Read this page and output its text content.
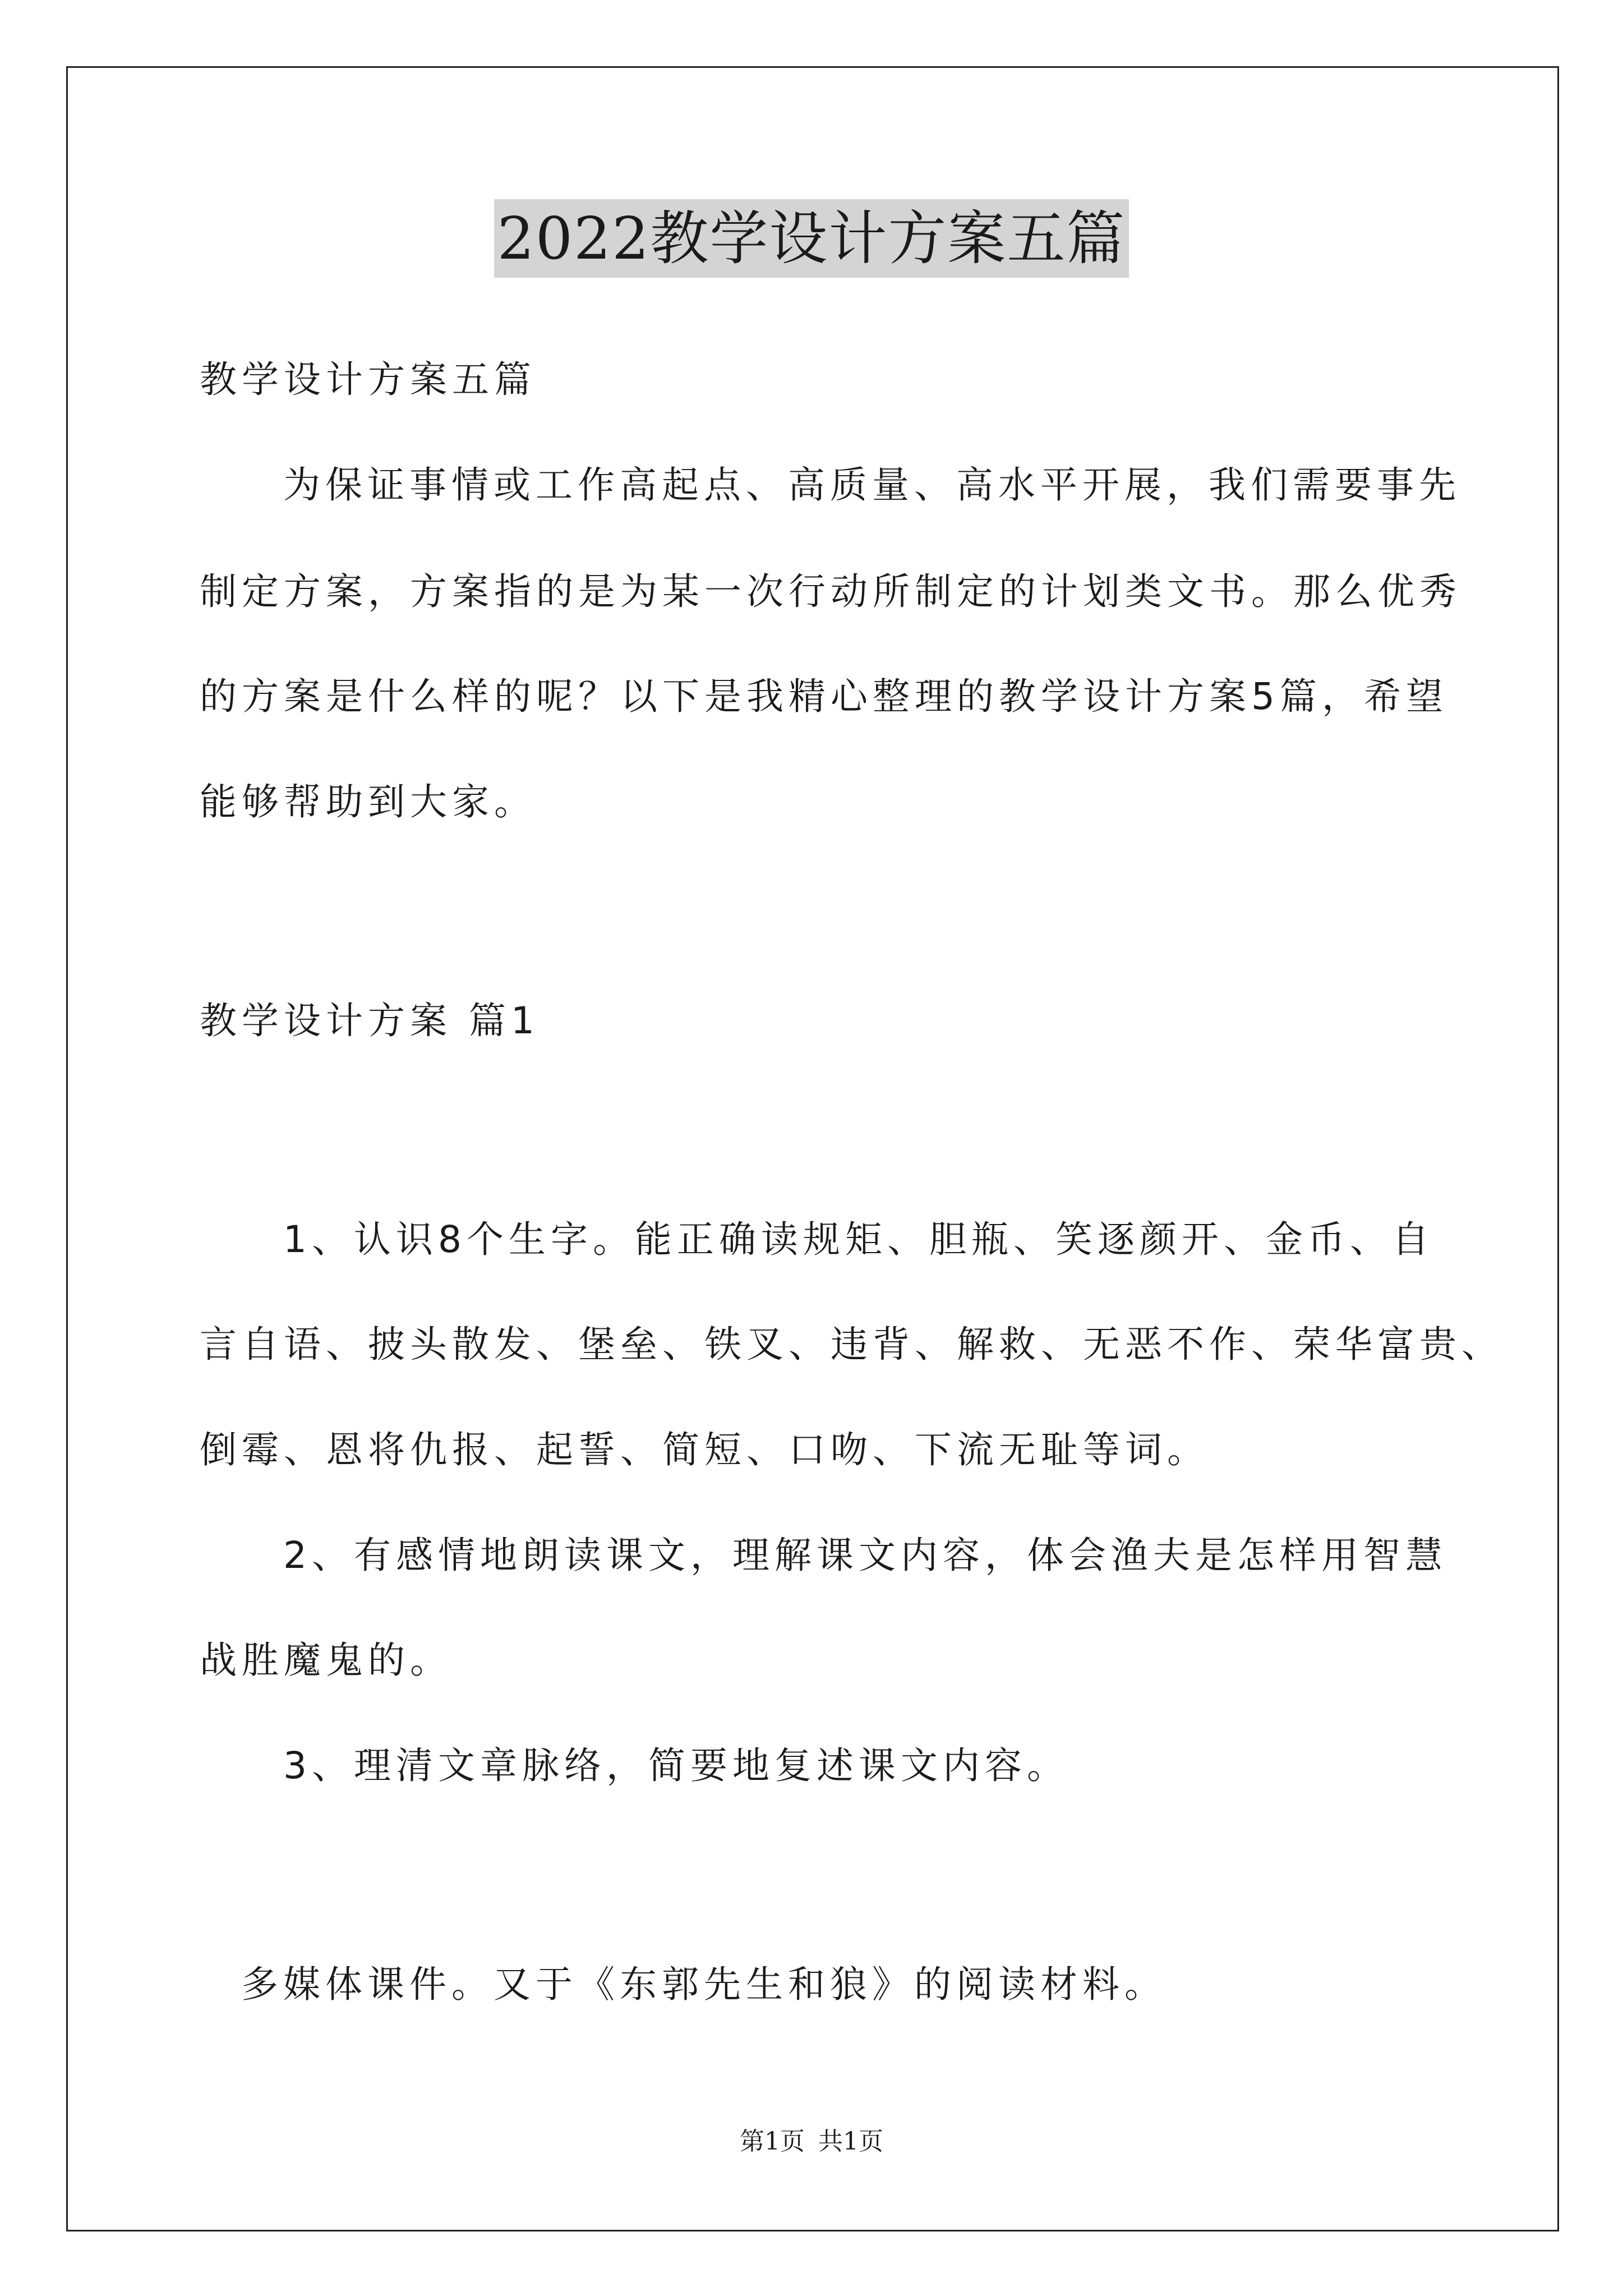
2022教学设计方案五篇
教学设计方案五篇
为保证事情或工作高起点、高质量、高水平开展，我们需要事先
制定方案，方案指的是为某一次行动所制定的计划类文书。那么优秀
的方案是什么样的呢？以下是我精心整理的教学设计方案5篇，希望
能够帮助到大家。
教学设计方案 篇1
1、认识8个生字。能正确读规矩、胆瓶、笑逐颜开、金币、自
言自语、披头散发、堡垒、铁叉、违背、解救、无恶不作、荣华富贵、
倒霉、恩将仇报、起誓、简短、口吻、下流无耻等词。
2、有感情地朗读课文，理解课文内容，体会渔夫是怎样用智慧
战胜魔鬼的。
3、理清文章脉络，简要地复述课文内容。
多媒体课件。又于《东郭先生和狼》的阅读材料。
第1页 共1页
